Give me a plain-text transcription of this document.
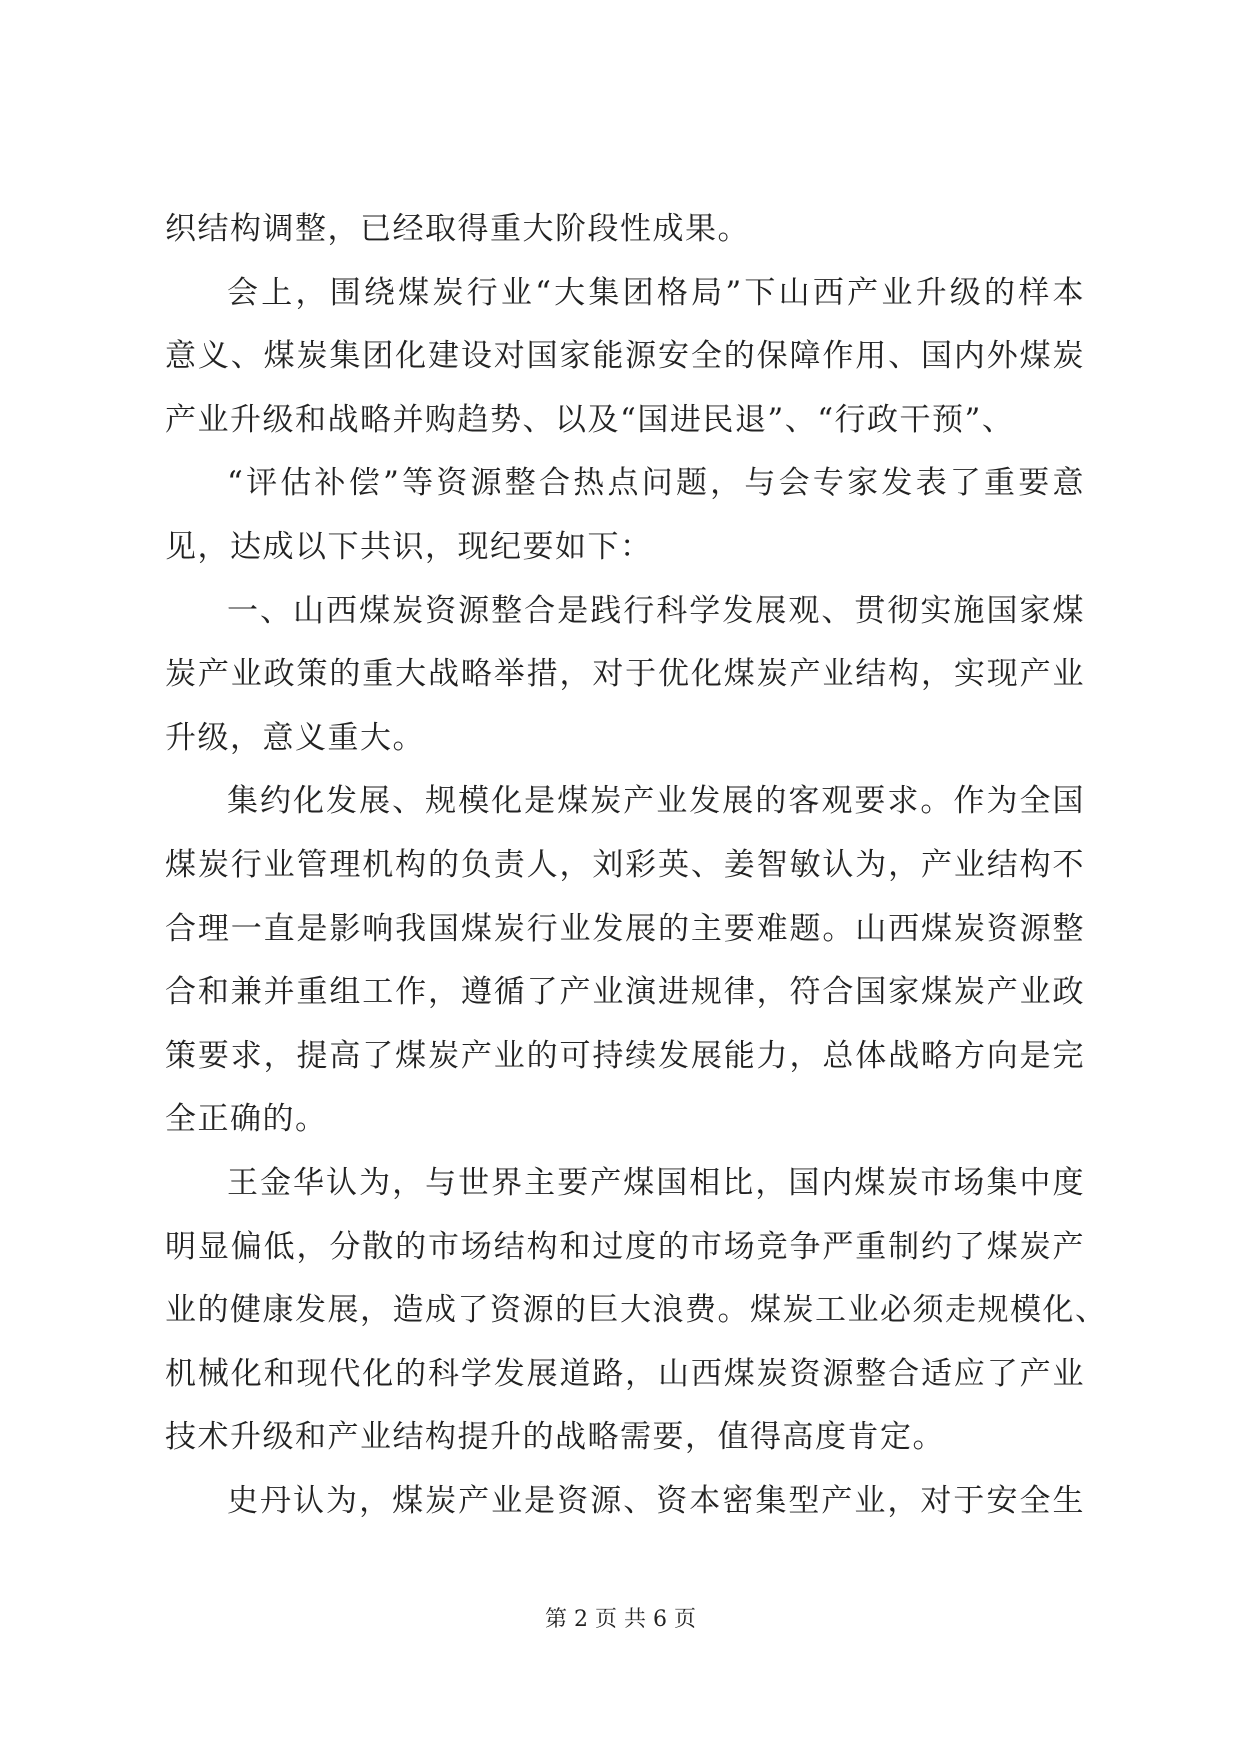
织结构调整，已经取得重大阶段性成果。
会上，围绕煤炭行业“大集团格局”下山西产业升级的样本
意义、煤炭集团化建设对国家能源安全的保障作用、国内外煤炭
产业升级和战略并购趋势、以及“国进民退”、“行政干预”、
“评估补偿”等资源整合热点问题，与会专家发表了重要意
见，达成以下共识，现纪要如下：
一、山西煤炭资源整合是践行科学发展观、贯彻实施国家煤
炭产业政策的重大战略举措，对于优化煤炭产业结构，实现产业
升级，意义重大。
集约化发展、规模化是煤炭产业发展的客观要求。作为全国
煤炭行业管理机构的负责人，刘彩英、姜智敏认为，产业结构不
合理一直是影响我国煤炭行业发展的主要难题。山西煤炭资源整
合和兼并重组工作，遵循了产业演进规律，符合国家煤炭产业政
策要求，提高了煤炭产业的可持续发展能力，总体战略方向是完
全正确的。
王金华认为，与世界主要产煤国相比，国内煤炭市场集中度
明显偏低，分散的市场结构和过度的市场竞争严重制约了煤炭产
业的健康发展，造成了资源的巨大浪费。煤炭工业必须走规模化、
机械化和现代化的科学发展道路，山西煤炭资源整合适应了产业
技术升级和产业结构提升的战略需要，值得高度肯定。
史丹认为，煤炭产业是资源、资本密集型产业，对于安全生
第 2 页 共 6 页
